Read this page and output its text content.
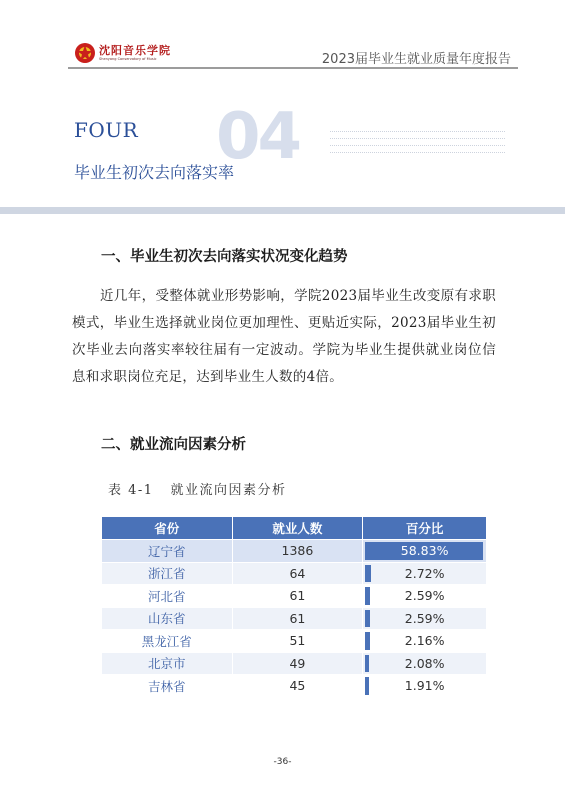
沈阳音乐学院
Shenyang Conservatory of Music	2023届毕业生就业质量年度报告
04
FOUR
毕业生初次去向落实率
一、毕业生初次去向落实状况变化趋势
近几年，受整体就业形势影响，学院2023届毕业生改变原有求职模式，毕业生选择就业岗位更加理性、更贴近实际，2023届毕业生初次毕业去向落实率较往届有一定波动。学院为毕业生提供就业岗位信息和求职岗位充足，达到毕业生人数的4倍。
二、就业流向因素分析
表 4-1   就业流向因素分析
省份	就业人数	百分比
辽宁省	1386	58.83%
浙江省	64	2.72%
河北省	61	2.59%
山东省	61	2.59%
黑龙江省	51	2.16%
北京市	49	2.08%
吉林省	45	1.91%
-36-
